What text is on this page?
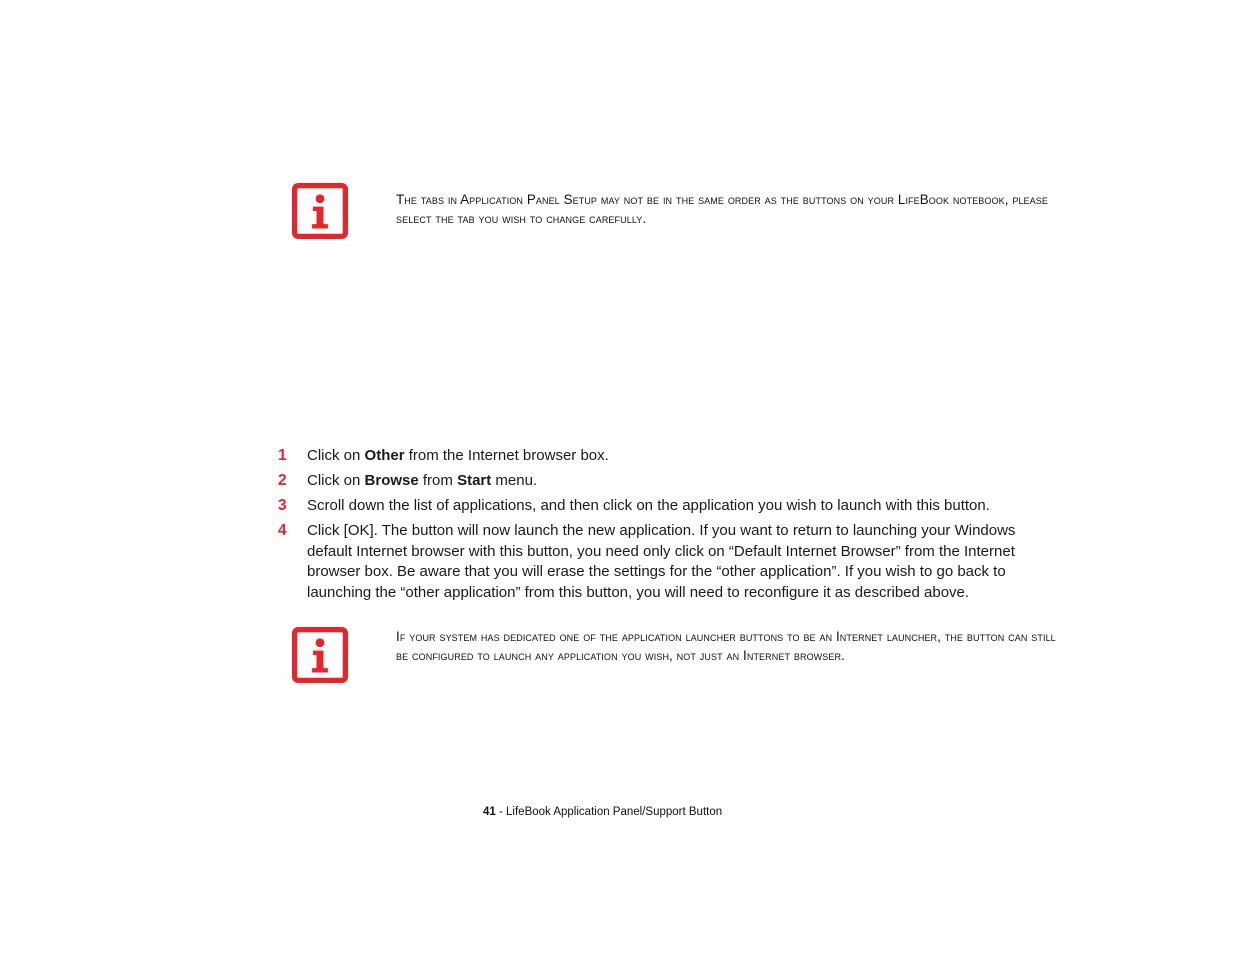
The tabs in Application Panel Setup may not be in the same order as the buttons on your LifeBook notebook, please select the tab you wish to change carefully.
1 Click on Other from the Internet browser box.
2 Click on Browse from Start menu.
3 Scroll down the list of applications, and then click on the application you wish to launch with this button.
4 Click [OK]. The button will now launch the new application. If you want to return to launching your Windows default Internet browser with this button, you need only click on “Default Internet Browser” from the Internet browser box. Be aware that you will erase the settings for the “other application”. If you wish to go back to launching the “other application” from this button, you will need to reconfigure it as described above.
If your system has dedicated one of the application launcher buttons to be an Internet launcher, the button can still be configured to launch any application you wish, not just an Internet browser.
41 - LifeBook Application Panel/Support Button
